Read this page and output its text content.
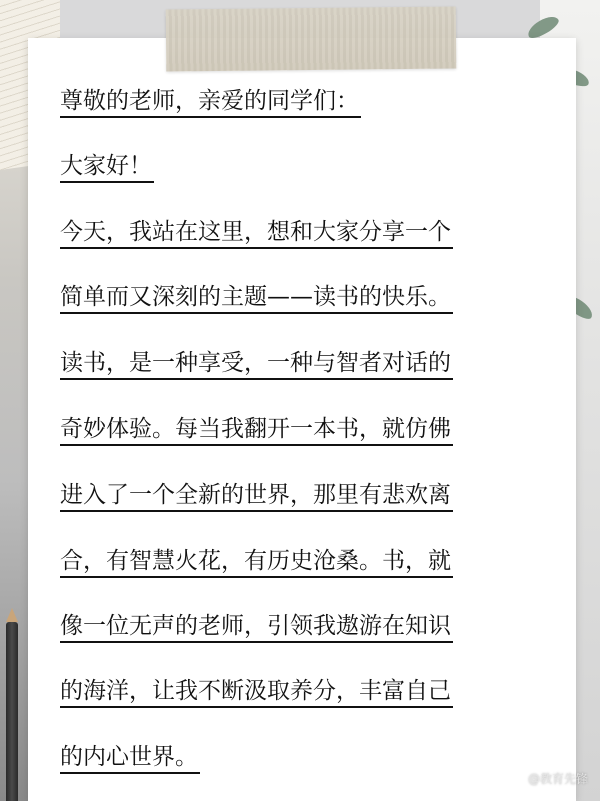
尊敬的老师，亲爱的同学们：
大家好！
今天，我站在这里，想和大家分享一个
简单而又深刻的主题——读书的快乐。
读书，是一种享受，一种与智者对话的
奇妙体验。每当我翻开一本书，就仿佛
进入了一个全新的世界，那里有悲欢离
合，有智慧火花，有历史沧桑。书，就
像一位无声的老师，引领我遨游在知识
的海洋，让我不断汲取养分，丰富自己
的内心世界。
@教育先锋
